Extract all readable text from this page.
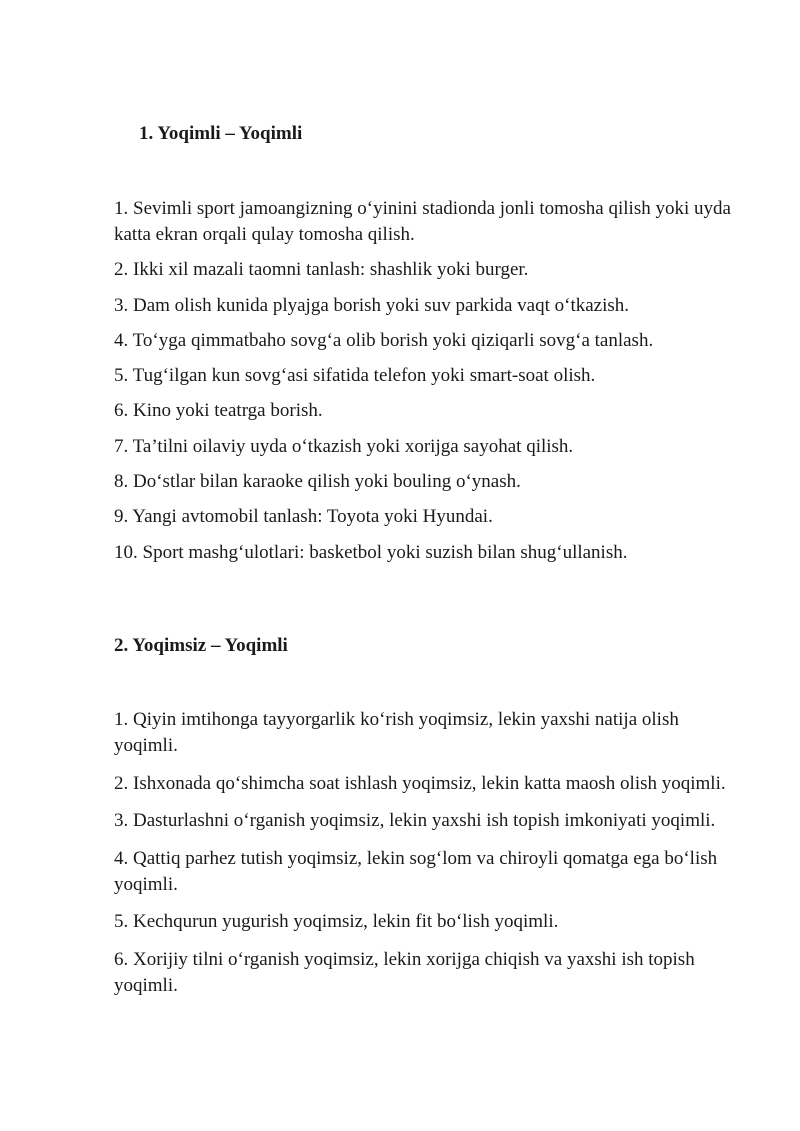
1. Yoqimli – Yoqimli
1. Sevimli sport jamoangizning o‘yinini stadionda jonli tomosha qilish yoki uyda katta ekran orqali qulay tomosha qilish.
2. Ikki xil mazali taomni tanlash: shashlik yoki burger.
3. Dam olish kunida plyajga borish yoki suv parkida vaqt o‘tkazish.
4. To‘yga qimmatbaho sovg‘a olib borish yoki qiziqarli sovg‘a tanlash.
5. Tug‘ilgan kun sovg‘asi sifatida telefon yoki smart-soat olish.
6. Kino yoki teatrga borish.
7. Ta’tilni oilaviy uyda o‘tkazish yoki xorijga sayohat qilish.
8. Do‘stlar bilan karaoke qilish yoki bouling o‘ynash.
9. Yangi avtomobil tanlash: Toyota yoki Hyundai.
10. Sport mashg‘ulotlari: basketbol yoki suzish bilan shug‘ullanish.
2. Yoqimsiz – Yoqimli
1. Qiyin imtihonga tayyorgarlik ko‘rish yoqimsiz, lekin yaxshi natija olish yoqimli.
2. Ishxonada qo‘shimcha soat ishlash yoqimsiz, lekin katta maosh olish yoqimli.
3. Dasturlashni o‘rganish yoqimsiz, lekin yaxshi ish topish imkoniyati yoqimli.
4. Qattiq parhez tutish yoqimsiz, lekin sog‘lom va chiroyli qomatga ega bo‘lish yoqimli.
5. Kechqurun yugurish yoqimsiz, lekin fit bo‘lish yoqimli.
6. Xorijiy tilni o‘rganish yoqimsiz, lekin xorijga chiqish va yaxshi ish topish yoqimli.
